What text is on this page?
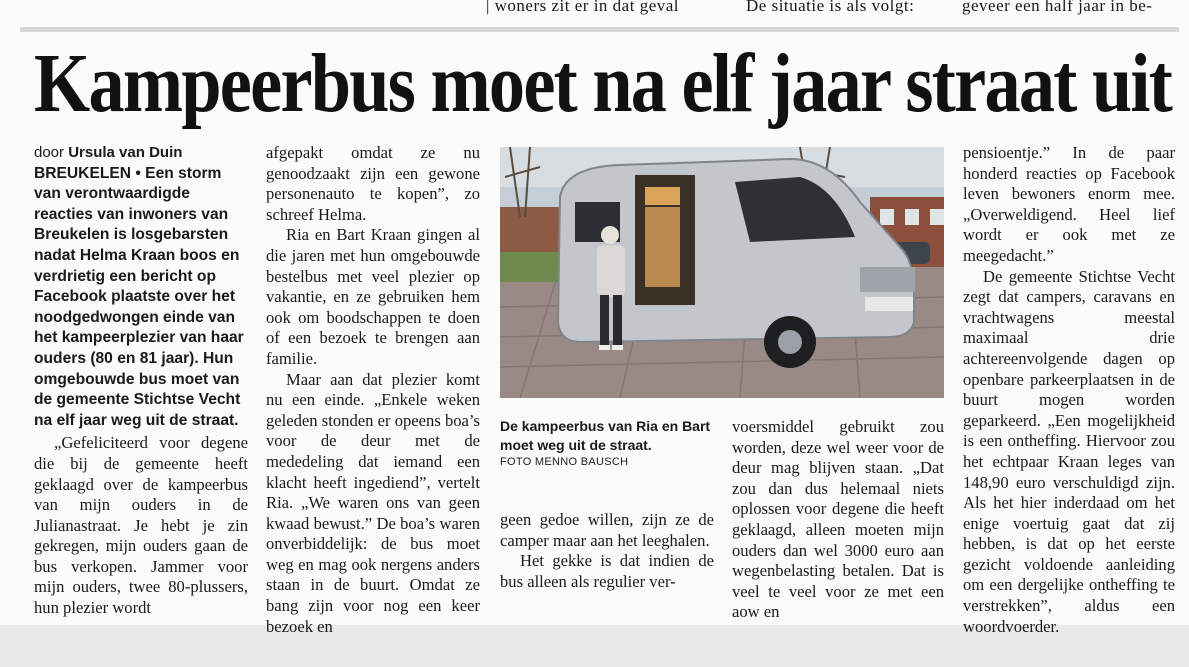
| woners zit er in dat geval	De situatie is als volgt:	geveer een half jaar in be-
Kampeerbus moet na elf jaar straat uit

door Ursula van Duin

BREUKELEN • Een storm van verontwaardigde reacties van inwoners van Breukelen is losgebarsten nadat Helma Kraan boos en verdrietig een bericht op Facebook plaatste over het noodgedwongen einde van het kampeerplezier van haar ouders (80 en 81 jaar). Hun omgebouwde bus moet van de gemeente Stichtse Vecht na elf jaar weg uit de straat.

„Gefeliciteerd voor degene die bij de gemeente heeft geklaagd over de kampeerbus van mijn ouders in de Julianastraat. Je hebt je zin gekregen, mijn ouders gaan de bus verkopen. Jammer voor mijn ouders, twee 80-plussers, hun plezier wordt

afgepakt omdat ze nu genoodzaakt zijn een gewone personenauto te kopen”, zo schreef Helma.

Ria en Bart Kraan gingen al die jaren met hun omgebouwde bestelbus met veel plezier op vakantie, en ze gebruiken hem ook om boodschappen te doen of een bezoek te brengen aan familie.

Maar aan dat plezier komt nu een einde. „Enkele weken geleden stonden er opeens boa’s voor de deur met de mededeling dat iemand een klacht heeft ingediend”, vertelt Ria. „We waren ons van geen kwaad bewust.” De boa’s waren onverbiddelijk: de bus moet weg en mag ook nergens anders staan in de buurt. Omdat ze bang zijn voor nog een keer bezoek en

De kampeerbus van Ria en Bart moet weg uit de straat.
FOTO MENNO BAUSCH

geen gedoe willen, zijn ze de camper maar aan het leeghalen.

Het gekke is dat indien de bus alleen als regulier ver-

voersmiddel gebruikt zou worden, deze wel weer voor de deur mag blijven staan. „Dat zou dan dus helemaal niets oplossen voor degene die heeft geklaagd, alleen moeten mijn ouders dan wel 3000 euro aan wegenbelasting betalen. Dat is veel te veel voor ze met een aow en

pensioentje.” In de paar honderd reacties op Facebook leven bewoners enorm mee. „Overweldigend. Heel lief wordt er ook met ze meegedacht.”

De gemeente Stichtse Vecht zegt dat campers, caravans en vrachtwagens meestal maximaal drie achtereenvolgende dagen op openbare parkeerplaatsen in de buurt mogen worden geparkeerd. „Een mogelijkheid is een ontheffing. Hiervoor zou het echtpaar Kraan leges van 148,90 euro verschuldigd zijn. Als het hier inderdaad om het enige voertuig gaat dat zij hebben, is dat op het eerste gezicht voldoende aanleiding om een dergelijke ontheffing te verstrekken”, aldus een woordvoerder.
